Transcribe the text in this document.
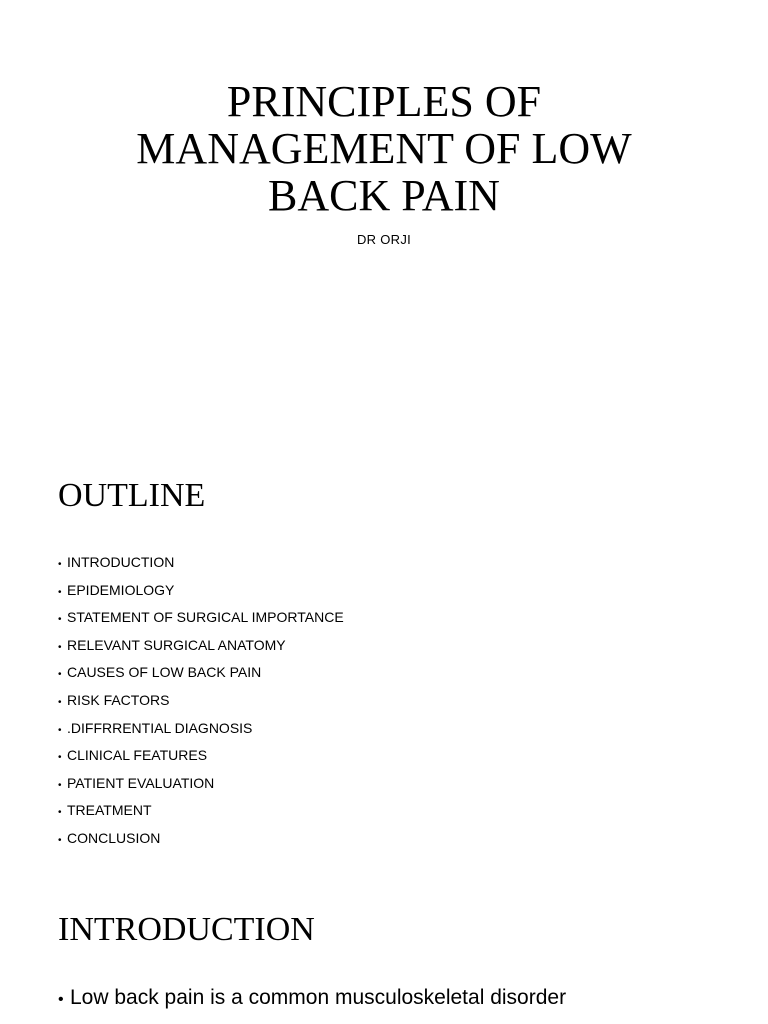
PRINCIPLES OF
MANAGEMENT OF LOW
BACK PAIN
DR ORJI
OUTLINE
• INTRODUCTION
• EPIDEMIOLOGY
• STATEMENT OF SURGICAL IMPORTANCE
• RELEVANT SURGICAL ANATOMY
• CAUSES OF LOW BACK PAIN
• RISK FACTORS
• .DIFFRRENTIAL DIAGNOSIS
• CLINICAL FEATURES
• PATIENT EVALUATION
• TREATMENT
• CONCLUSION
INTRODUCTION
• Low back pain is a common musculoskeletal disorder
